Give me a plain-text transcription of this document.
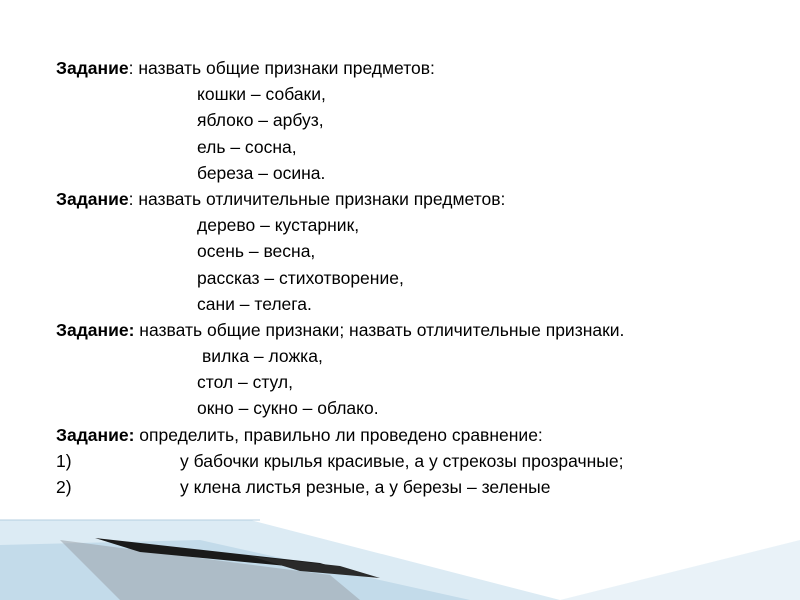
Задание: назвать общие признаки предметов:
кошки – собаки,
яблоко – арбуз,
ель – сосна,
береза – осина.
Задание: назвать отличительные признаки предметов:
дерево – кустарник,
осень – весна,
рассказ – стихотворение,
сани – телега.
Задание: назвать общие признаки; назвать отличительные признаки.
вилка – ложка,
стол – стул,
окно – сукно – облако.
Задание: определить, правильно ли проведено сравнение:
1)	у бабочки крылья красивые, а у стрекозы прозрачные;
2)	у клена листья резные, а у березы – зеленые
